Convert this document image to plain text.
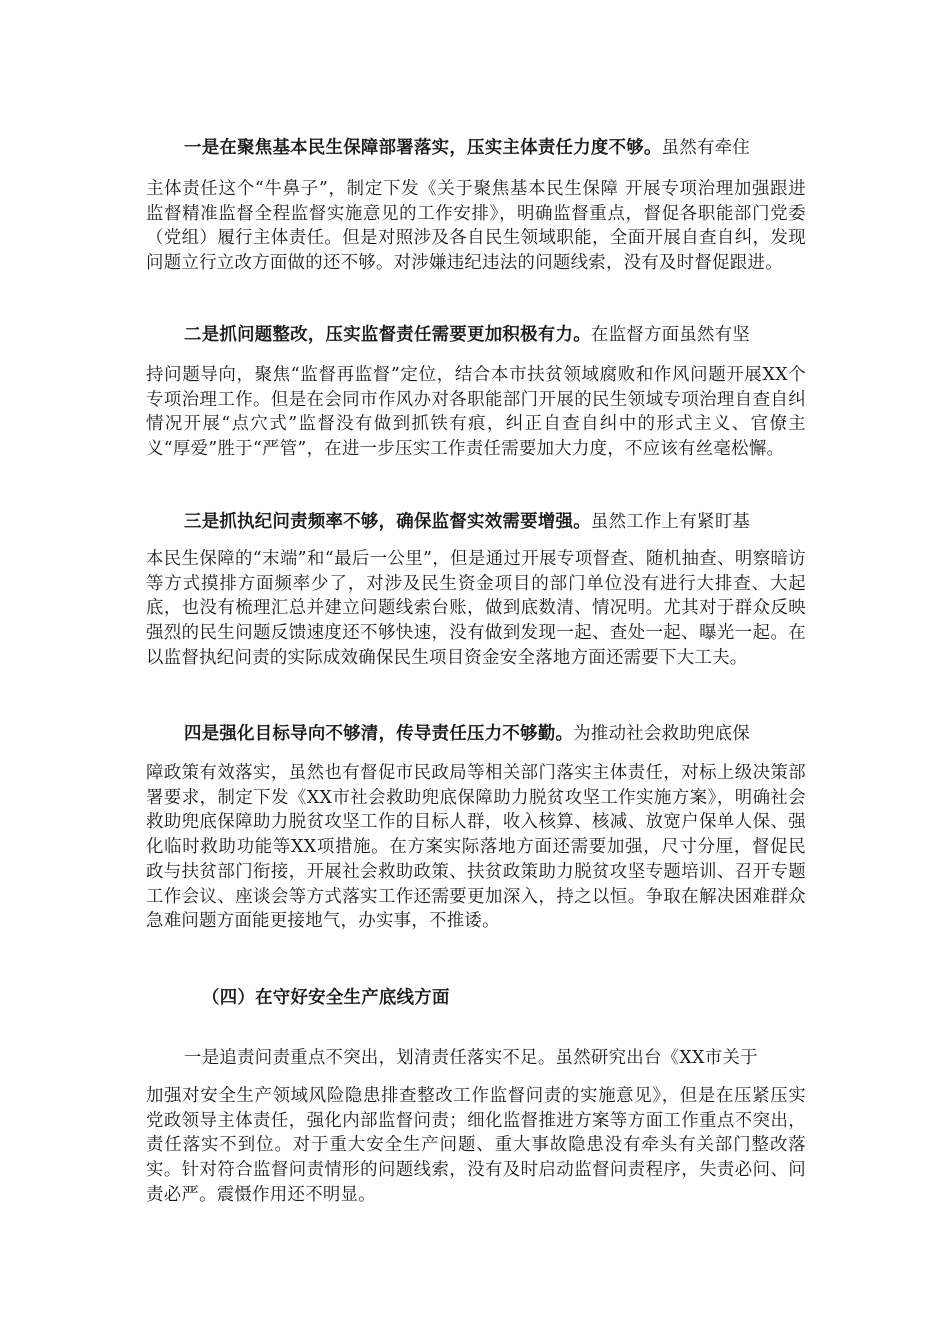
一是在聚焦基本民生保障部署落实，压实主体责任力度不够。虽然有牵住

主体责任这个“牛鼻子”，制定下发《关于聚焦基本民生保障 开展专项治理加强跟进监督精准监督全程监督实施意见的工作安排》，明确监督重点，督促各职能部门党委（党组）履行主体责任。但是对照涉及各自民生领域职能，全面开展自查自纠，发现问题立行立改方面做的还不够。对涉嫌违纪违法的问题线索，没有及时督促跟进。

二是抓问题整改，压实监督责任需要更加积极有力。在监督方面虽然有坚

持问题导向，聚焦“监督再监督”定位，结合本市扶贫领域腐败和作风问题开展XX个专项治理工作。但是在会同市作风办对各职能部门开展的民生领域专项治理自查自纠情况开展“点穴式”监督没有做到抓铁有痕，纠正自查自纠中的形式主义、官僚主义“厚爱”胜于“严管”，在进一步压实工作责任需要加大力度，不应该有丝毫松懈。

三是抓执纪问责频率不够，确保监督实效需要增强。虽然工作上有紧盯基

本民生保障的“末端”和“最后一公里”，但是通过开展专项督查、随机抽查、明察暗访等方式摸排方面频率少了，对涉及民生资金项目的部门单位没有进行大排查、大起底，也没有梳理汇总并建立问题线索台账，做到底数清、情况明。尤其对于群众反映强烈的民生问题反馈速度还不够快速，没有做到发现一起、查处一起、曝光一起。在以监督执纪问责的实际成效确保民生项目资金安全落地方面还需要下大工夫。

四是强化目标导向不够清，传导责任压力不够勤。为推动社会救助兜底保

障政策有效落实，虽然也有督促市民政局等相关部门落实主体责任，对标上级决策部署要求，制定下发《XX市社会救助兜底保障助力脱贫攻坚工作实施方案》，明确社会救助兜底保障助力脱贫攻坚工作的目标人群，收入核算、核减、放宽户保单人保、强化临时救助功能等XX项措施。在方案实际落地方面还需要加强，尺寸分厘，督促民政与扶贫部门衔接，开展社会救助政策、扶贫政策助力脱贫攻坚专题培训、召开专题工作会议、座谈会等方式落实工作还需要更加深入，持之以恒。争取在解决困难群众急难问题方面能更接地气，办实事，不推诿。

（四）在守好安全生产底线方面

一是追责问责重点不突出，划清责任落实不足。虽然研究出台《XX市关于

加强对安全生产领域风险隐患排查整改工作监督问责的实施意见》，但是在压紧压实党政领导主体责任，强化内部监督问责；细化监督推进方案等方面工作重点不突出，责任落实不到位。对于重大安全生产问题、重大事故隐患没有牵头有关部门整改落实。针对符合监督问责情形的问题线索，没有及时启动监督问责程序，失责必问、问责必严。震慑作用还不明显。
